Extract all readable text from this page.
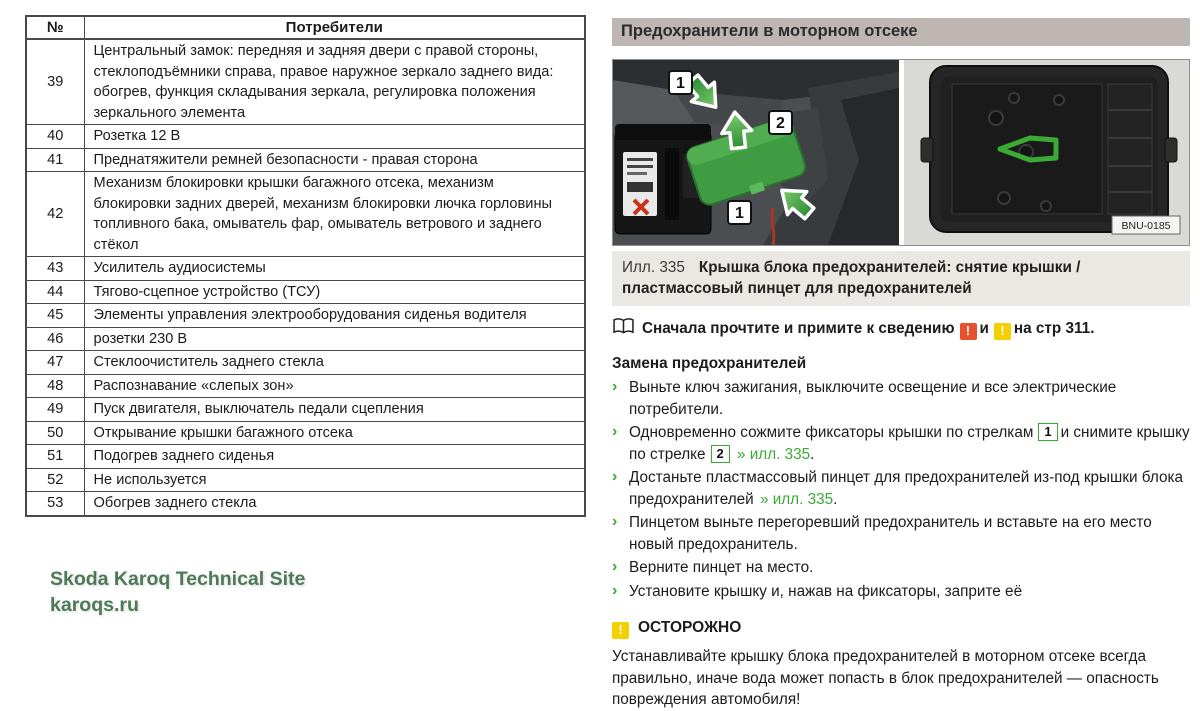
№	Потребители
39	Центральный замок: передняя и задняя двери с правой стороны, стеклоподъёмники справа, правое наружное зеркало заднего вида: обогрев, функция складывания зеркала, регулировка положения зеркального элемента
40	Розетка 12 В
41	Преднатяжители ремней безопасности - правая сторона
42	Механизм блокировки крышки багажного отсека, механизм блокировки задних дверей, механизм блокировки лючка горловины топливного бака, омыватель фар, омыватель ветрового и заднего стёкол
43	Усилитель аудиосистемы
44	Тягово-сцепное устройство (ТСУ)
45	Элементы управления электрооборудования сиденья водителя
46	розетки 230 В
47	Стеклоочиститель заднего стекла
48	Распознавание «слепых зон»
49	Пуск двигателя, выключатель педали сцепления
50	Открывание крышки багажного отсека
51	Подогрев заднего сиденья
52	Не используется
53	Обогрев заднего стекла
Skoda Karoq Technical Site
karoqs.ru
Предохранители в моторном отсеке
1
2
1
BNU-0185
Илл. 335 Крышка блока предохранителей: снятие крышки / пластмассовый пинцет для предохранителей
Сначала прочтите и примите к сведению ! и ! на стр 311.
Замена предохранителей
› Выньте ключ зажигания, выключите освещение и все электрические потребители.
› Одновременно сожмите фиксаторы крышки по стрелкам 1 и снимите крышку по стрелке 2 » илл. 335.
› Достаньте пластмассовый пинцет для предохранителей из-под крышки блока предохранителей » илл. 335.
› Пинцетом выньте перегоревший предохранитель и вставьте на его место новый предохранитель.
› Верните пинцет на место.
› Установите крышку и, нажав на фиксаторы, заприте её
! ОСТОРОЖНО
Устанавливайте крышку блока предохранителей в моторном отсеке всегда правильно, иначе вода может попасть в блок предохранителей — опасность повреждения автомобиля!
